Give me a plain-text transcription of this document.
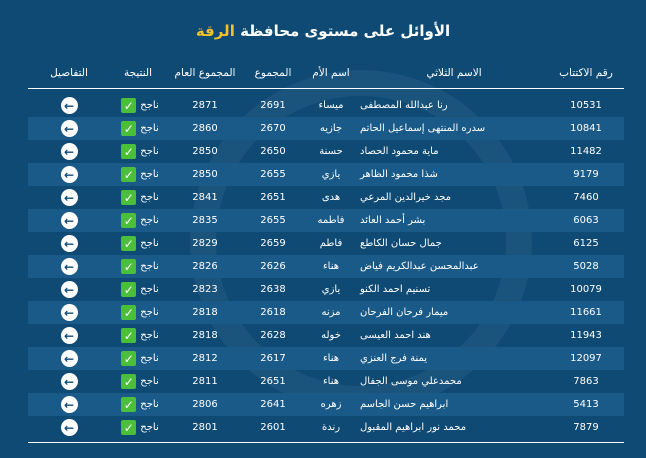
الأوائل على مستوى محافظة الرقة
رقم الاكتتاب
الاسم الثلاثي
اسم الأم
المجموع
المجموع العام
النتيجة
التفاصيل
10531
رنا عبدالله المصطفى
ميساء
2691
2871
ناجح
✓
←
10841
سدره المنتهى إسماعيل الحاتم
جازيه
2670
2860
ناجح
✓
←
11482
ماية محمود الحصاد
حسنة
2650
2850
ناجح
✓
←
9179
شذا محمود الظاهر
يازي
2655
2850
ناجح
✓
←
7460
مجد خيرالدين المرعي
هدى
2651
2841
ناجح
✓
←
6063
بشر أحمد العائد
فاطمه
2655
2835
ناجح
✓
←
6125
جمال حسان الكاطع
فاطم
2659
2829
ناجح
✓
←
5028
عبدالمحسن عبدالكريم فياض
هناء
2626
2826
ناجح
✓
←
10079
تسنيم احمد الكنو
يازي
2638
2823
ناجح
✓
←
11661
ميمار فرحان الفرحان
مزنه
2618
2818
ناجح
✓
←
11943
هند احمد العيسى
خوله
2628
2818
ناجح
✓
←
12097
يمنة فرج العنزي
هناء
2617
2812
ناجح
✓
←
7863
محمدعلي موسى الجفال
هناء
2651
2811
ناجح
✓
←
5413
ابراهيم حسن الجاسم
زهره
2641
2806
ناجح
✓
←
7879
محمد نور ابراهيم المقبول
رندة
2601
2801
ناجح
✓
←
